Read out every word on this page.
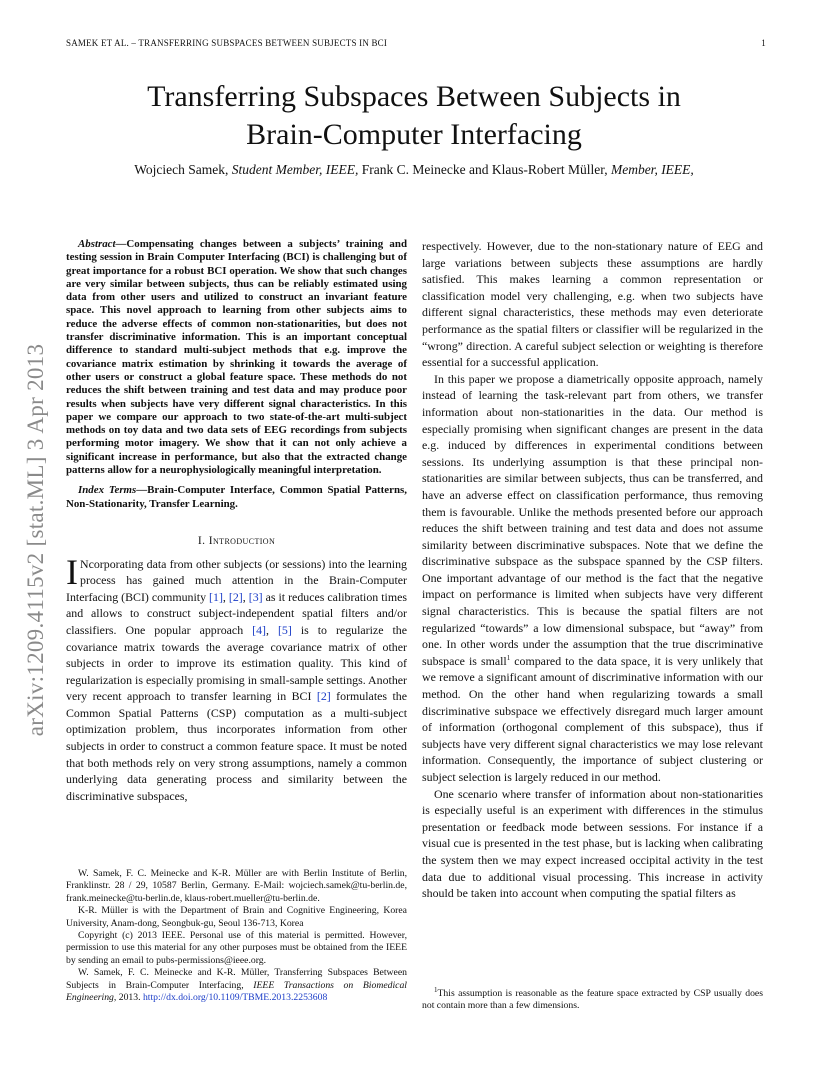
SAMEK ET AL. – TRANSFERRING SUBSPACES BETWEEN SUBJECTS IN BCI	1
arXiv:1209.4115v2 [stat.ML] 3 Apr 2013
Transferring Subspaces Between Subjects in
Brain-Computer Interfacing
Wojciech Samek, Student Member, IEEE, Frank C. Meinecke and Klaus-Robert Müller, Member, IEEE,

Abstract—Compensating changes between a subjects’ training and testing session in Brain Computer Interfacing (BCI) is challenging but of great importance for a robust BCI operation. We show that such changes are very similar between subjects, thus can be reliably estimated using data from other users and utilized to construct an invariant feature space. This novel approach to learning from other subjects aims to reduce the adverse effects of common non-stationarities, but does not transfer discriminative information. This is an important conceptual difference to standard multi-subject methods that e.g. improve the covariance matrix estimation by shrinking it towards the average of other users or construct a global feature space. These methods do not reduces the shift between training and test data and may produce poor results when subjects have very different signal characteristics. In this paper we compare our approach to two state-of-the-art multi-subject methods on toy data and two data sets of EEG recordings from subjects performing motor imagery. We show that it can not only achieve a significant increase in performance, but also that the extracted change patterns allow for a neurophysiologically meaningful interpretation.

Index Terms—Brain-Computer Interface, Common Spatial Patterns, Non-Stationarity, Transfer Learning.

I. Introduction

I Ncorporating data from other subjects (or sessions) into the learning process has gained much attention in the Brain-Computer Interfacing (BCI) community [1], [2], [3] as it reduces calibration times and allows to construct subject-independent spatial filters and/or classifiers. One popular approach [4], [5] is to regularize the covariance matrix towards the average covariance matrix of other subjects in order to improve its estimation quality. This kind of regularization is especially promising in small-sample settings. Another very recent approach to transfer learning in BCI [2] formulates the Common Spatial Patterns (CSP) computation as a multi-subject optimization problem, thus incorporates information from other subjects in order to construct a common feature space. It must be noted that both methods rely on very strong assumptions, namely a common underlying data generating process and similarity between the discriminative subspaces,

W. Samek, F. C. Meinecke and K-R. Müller are with Berlin Institute of Berlin, Franklinstr. 28 / 29, 10587 Berlin, Germany. E-Mail: wojciech.samek@tu-berlin.de, frank.meinecke@tu-berlin.de, klaus-robert.mueller@tu-berlin.de.

K-R. Müller is with the Department of Brain and Cognitive Engineering, Korea University, Anam-dong, Seongbuk-gu, Seoul 136-713, Korea

Copyright (c) 2013 IEEE. Personal use of this material is permitted. However, permission to use this material for any other purposes must be obtained from the IEEE by sending an email to pubs-permissions@ieee.org.

W. Samek, F. C. Meinecke and K-R. Müller, Transferring Subspaces Between Subjects in Brain-Computer Interfacing, IEEE Transactions on Biomedical Engineering, 2013. http://dx.doi.org/10.1109/TBME.2013.2253608

respectively. However, due to the non-stationary nature of EEG and large variations between subjects these assumptions are hardly satisfied. This makes learning a common representation or classification model very challenging, e.g. when two subjects have different signal characteristics, these methods may even deteriorate performance as the spatial filters or classifier will be regularized in the “wrong” direction. A careful subject selection or weighting is therefore essential for a successful application.

In this paper we propose a diametrically opposite approach, namely instead of learning the task-relevant part from others, we transfer information about non-stationarities in the data. Our method is especially promising when significant changes are present in the data e.g. induced by differences in experimental conditions between sessions. Its underlying assumption is that these principal non-stationarities are similar between subjects, thus can be transferred, and have an adverse effect on classification performance, thus removing them is favourable. Unlike the methods presented before our approach reduces the shift between training and test data and does not assume similarity between discriminative subspaces. Note that we define the discriminative subspace as the subspace spanned by the CSP filters. One important advantage of our method is the fact that the negative impact on performance is limited when subjects have very different signal characteristics. This is because the spatial filters are not regularized “towards” a low dimensional subspace, but “away” from one. In other words under the assumption that the true discriminative subspace is small$^1$ compared to the data space, it is very unlikely that we remove a significant amount of discriminative information with our method. On the other hand when regularizing towards a small discriminative subspace we effectively disregard much larger amount of information (orthogonal complement of this subspace), thus if subjects have very different signal characteristics we may lose relevant information. Consequently, the importance of subject clustering or subject selection is largely reduced in our method.

One scenario where transfer of information about non-stationarities is especially useful is an experiment with differences in the stimulus presentation or feedback mode between sessions. For instance if a visual cue is presented in the test phase, but is lacking when calibrating the system then we may expect increased occipital activity in the test data due to additional visual processing. This increase in activity should be taken into account when computing the spatial filters as

$^1$This assumption is reasonable as the feature space extracted by CSP usually does not contain more than a few dimensions.
